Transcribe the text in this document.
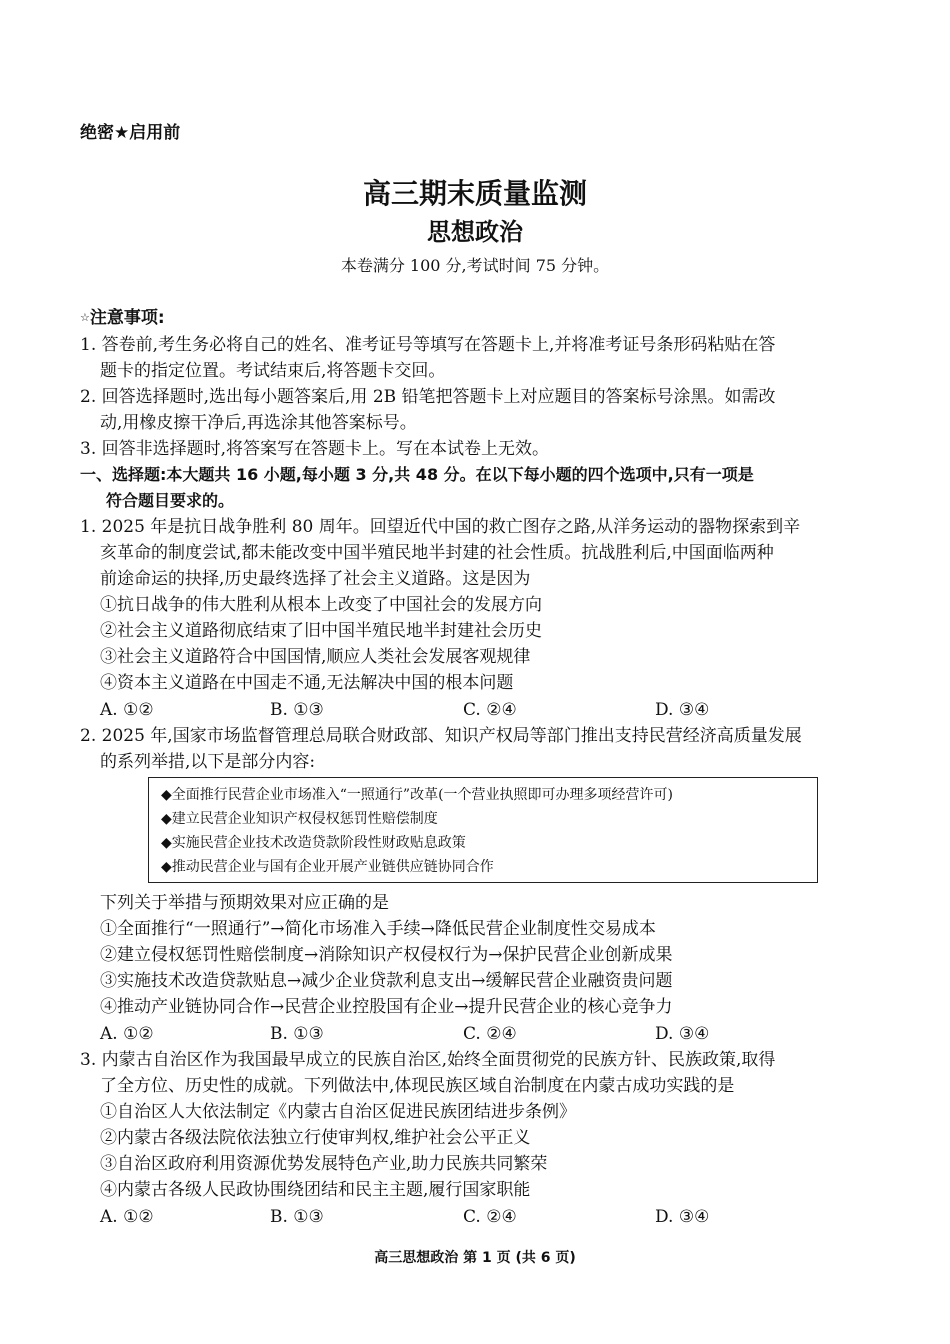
绝密★启用前
高三期末质量监测
思想政治
本卷满分 100 分,考试时间 75 分钟。
☆注意事项:
1. 答卷前,考生务必将自己的姓名、准考证号等填写在答题卡上,并将准考证号条形码粘贴在答
题卡的指定位置。考试结束后,将答题卡交回。
2. 回答选择题时,选出每小题答案后,用 2B 铅笔把答题卡上对应题目的答案标号涂黑。如需改
动,用橡皮擦干净后,再选涂其他答案标号。
3. 回答非选择题时,将答案写在答题卡上。写在本试卷上无效。
一、选择题:本大题共 16 小题,每小题 3 分,共 48 分。在以下每小题的四个选项中,只有一项是
符合题目要求的。
1. 2025 年是抗日战争胜利 80 周年。回望近代中国的救亡图存之路,从洋务运动的器物探索到辛
亥革命的制度尝试,都未能改变中国半殖民地半封建的社会性质。抗战胜利后,中国面临两种
前途命运的抉择,历史最终选择了社会主义道路。这是因为
①抗日战争的伟大胜利从根本上改变了中国社会的发展方向
②社会主义道路彻底结束了旧中国半殖民地半封建社会历史
③社会主义道路符合中国国情,顺应人类社会发展客观规律
④资本主义道路在中国走不通,无法解决中国的根本问题
A. ①②	B. ①③	C. ②④	D. ③④
2. 2025 年,国家市场监督管理总局联合财政部、知识产权局等部门推出支持民营经济高质量发展
的系列举措,以下是部分内容:
◆全面推行民营企业市场准入“一照通行”改革(一个营业执照即可办理多项经营许可)
◆建立民营企业知识产权侵权惩罚性赔偿制度
◆实施民营企业技术改造贷款阶段性财政贴息政策
◆推动民营企业与国有企业开展产业链供应链协同合作
下列关于举措与预期效果对应正确的是
①全面推行“一照通行”→简化市场准入手续→降低民营企业制度性交易成本
②建立侵权惩罚性赔偿制度→消除知识产权侵权行为→保护民营企业创新成果
③实施技术改造贷款贴息→减少企业贷款利息支出→缓解民营企业融资贵问题
④推动产业链协同合作→民营企业控股国有企业→提升民营企业的核心竞争力
A. ①②	B. ①③	C. ②④	D. ③④
3. 内蒙古自治区作为我国最早成立的民族自治区,始终全面贯彻党的民族方针、民族政策,取得
了全方位、历史性的成就。下列做法中,体现民族区域自治制度在内蒙古成功实践的是
①自治区人大依法制定《内蒙古自治区促进民族团结进步条例》
②内蒙古各级法院依法独立行使审判权,维护社会公平正义
③自治区政府利用资源优势发展特色产业,助力民族共同繁荣
④内蒙古各级人民政协围绕团结和民主主题,履行国家职能
A. ①②	B. ①③	C. ②④	D. ③④
高三思想政治 第 1 页 (共 6 页)
